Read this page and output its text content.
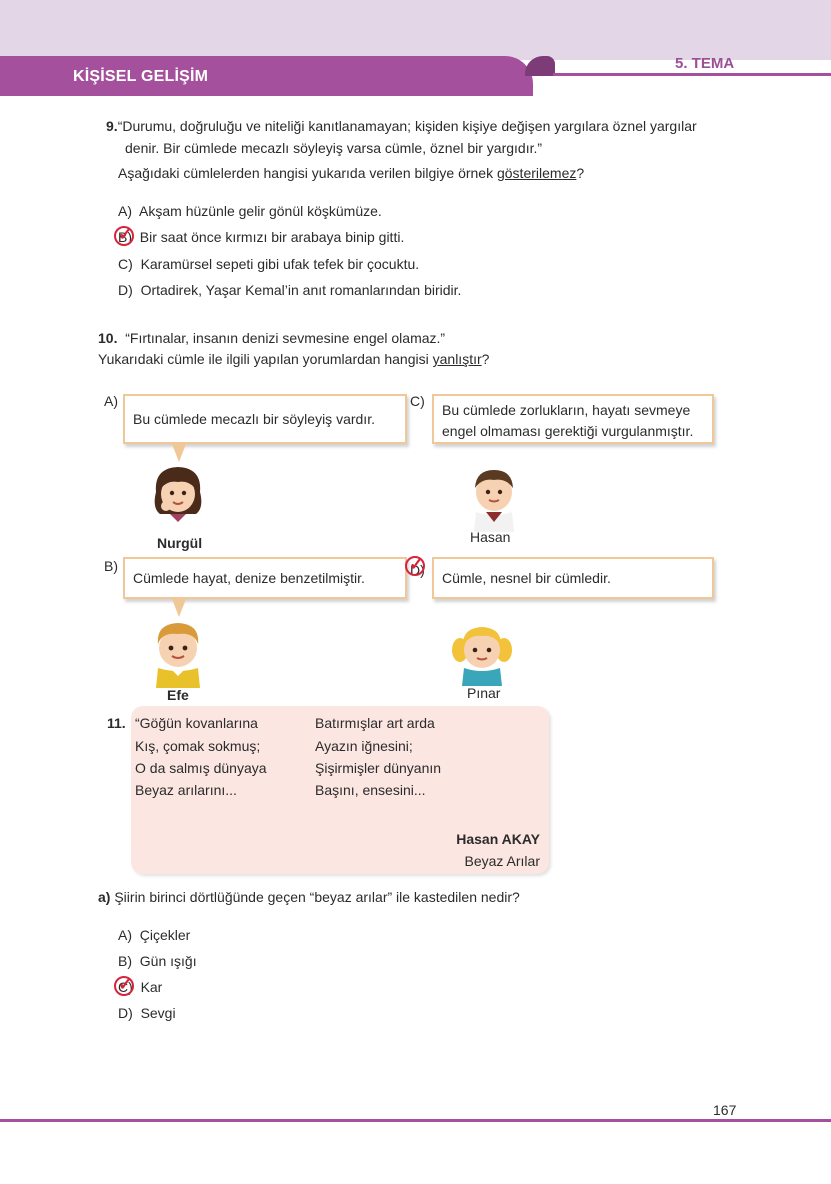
KİŞİSEL GELİŞİM
5. TEMA
9.“Durumu, doğruluğu ve niteliği kanıtlanamayan; kişiden kişiye değişen yargılara öznel yargılar
denir. Bir cümlede mecazlı söyleyiş varsa cümle, öznel bir yargıdır.”
Aşağıdaki cümlelerden hangisi yukarıda verilen bilgiye örnek gösterilemez?
A) Akşam hüzünle gelir gönül köşkümüze.
B) Bir saat önce kırmızı bir arabaya binip gitti.
✓
C) Karamürsel sepeti gibi ufak tefek bir çocuktu.
D) Ortadirek, Yaşar Kemal’in anıt romanlarından biridir.
10. “Fırtınalar, insanın denizi sevmesine engel olamaz.”
Yukarıdaki cümle ile ilgili yapılan yorumlardan hangisi yanlıştır?
A)
Bu cümlede mecazlı bir söyleyiş vardır.
C)
Bu cümlede zorlukların, hayatı sevmeye
engel olmaması gerektiği vurgulanmıştır.
Nurgül	Hasan
B)
Cümlede hayat, denize benzetilmiştir.	D)
✓	Cümle, nesnel bir cümledir.
Efe	Pınar
11. “Göğün kovanlarına
Kış, çomak sokmuş;
O da salmış dünyaya
Beyaz arılarını...
Batırmışlar art arda
Ayazın iğnesini;
Şişirmişler dünyanın
Başını, ensesini...
Hasan AKAY
Beyaz Arılar
a) Şiirin birinci dörtlüğünde geçen “beyaz arılar” ile kastedilen nedir?
A) Çiçekler
B) Gün ışığı
C) Kar
✓
D) Sevgi
167
